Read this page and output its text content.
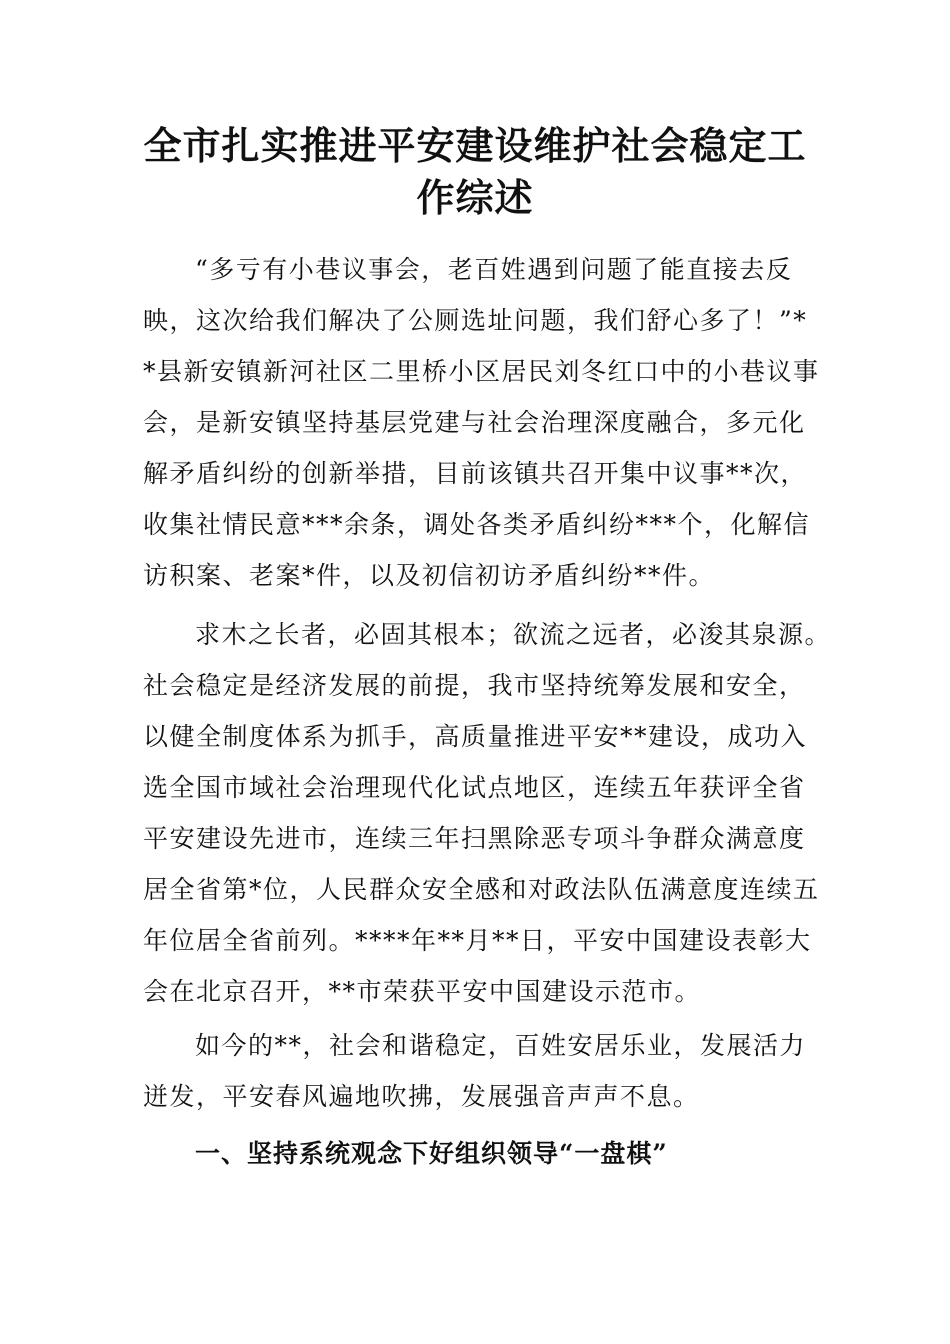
全市扎实推进平安建设维护社会稳定工
作综述
“多亏有小巷议事会，老百姓遇到问题了能直接去反
映，这次给我们解决了公厕选址问题，我们舒心多了！”*
*县新安镇新河社区二里桥小区居民刘冬红口中的小巷议事
会，是新安镇坚持基层党建与社会治理深度融合，多元化
解矛盾纠纷的创新举措，目前该镇共召开集中议事**次，
收集社情民意***余条，调处各类矛盾纠纷***个，化解信
访积案、老案*件，以及初信初访矛盾纠纷**件。
求木之长者，必固其根本；欲流之远者，必浚其泉源。
社会稳定是经济发展的前提，我市坚持统筹发展和安全，
以健全制度体系为抓手，高质量推进平安**建设，成功入
选全国市域社会治理现代化试点地区，连续五年获评全省
平安建设先进市，连续三年扫黑除恶专项斗争群众满意度
居全省第*位，人民群众安全感和对政法队伍满意度连续五
年位居全省前列。****年**月**日，平安中国建设表彰大
会在北京召开，**市荣获平安中国建设示范市。
如今的**，社会和谐稳定，百姓安居乐业，发展活力
迸发，平安春风遍地吹拂，发展强音声声不息。
一、坚持系统观念下好组织领导“一盘棋”
